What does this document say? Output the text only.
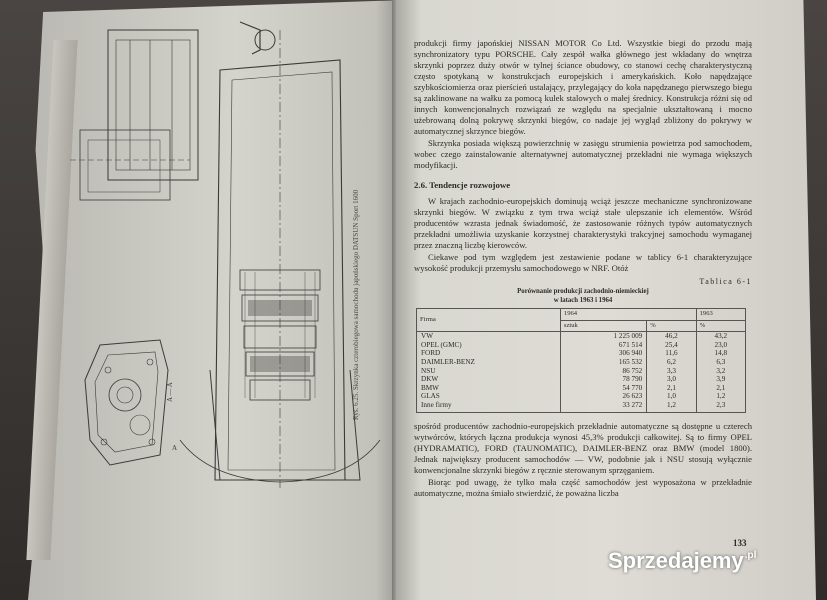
A — A
A
Rys. 6.25. Skrzynka czterobiegowa samochodu japońskiego DATSUN Sport 1600

produkcji firmy japońskiej NISSAN MOTOR Co Ltd. Wszystkie biegi do przodu mają synchronizatory typu PORSCHE. Cały zespół wałka głównego jest wkładany do wnętrza skrzynki poprzez duży otwór w tylnej ściance obudowy, co stanowi cechę charakterystyczną często spotykaną w konstrukcjach europejskich i amerykańskich. Koło napędzające szybkościomierza oraz pierścień ustalający, przylegający do koła napędzanego pierwszego biegu są zaklinowane na wałku za pomocą kulek stalowych o małej średnicy. Konstrukcja różni się od innych konwencjonalnych rozwiązań ze względu na specjalnie ukształtowaną i mocno użebrowaną dolną pokrywę skrzynki biegów, co nadaje jej wygląd zbliżony do pokrywy w automatycznej skrzynce biegów.

Skrzynka posiada większą powierzchnię w zasięgu strumienia powietrza pod samochodem, wobec czego zainstalowanie alternatywnej automatycznej przekładni nie wymaga większych modyfikacji.

2.6. Tendencje rozwojowe

W krajach zachodnio-europejskich dominują wciąż jeszcze mechaniczne synchronizowane skrzynki biegów. W związku z tym trwa wciąż stałe ulepszanie ich elementów. Wśród producentów wzrasta jednak świadomość, że zastosowanie różnych typów automatycznych przekładni umożliwia uzyskanie korzystnej charakterystyki trakcyjnej samochodu wymaganej przez znaczną liczbę kierowców.

Ciekawe pod tym względem jest zestawienie podane w tablicy 6-1 charakteryzujące wysokość produkcji przemysłu samochodowego w NRF. Otóż

Tablica 6-1

Porównanie produkcji zachodnio-niemieckiej
w latach 1963 i 1964

Firma	1964		1963
	sztuk	%	%
VW	1 225 009	46,2	43,2
OPEL (GMC)	671 514	25,4	23,0
FORD	306 940	11,6	14,8
DAIMLER-BENZ	165 532	6,2	6,3
NSU	86 752	3,3	3,2
DKW	78 790	3,0	3,9
BMW	54 770	2,1	2,1
GLAS	26 623	1,0	1,2
Inne firmy	33 272	1,2	2,3

spośród producentów zachodnio-europejskich przekładnie automatyczne są dostępne u czterech wytwórców, których łączna produkcja wynosi 45,3% produkcji całkowitej. Są to firmy OPEL (HYDRAMATIC), FORD (TAUNOMATIC), DAIMLER-BENZ oraz BMW (model 1800). Jednak największy producent samochodów — VW, podobnie jak i NSU stosują wyłącznie konwencjonalne skrzynki biegów z ręcznie sterowanym sprzęganiem.

Biorąc pod uwagę, że tylko mała część samochodów jest wyposażona w przekładnie automatyczne, można śmiało stwierdzić, że poważna liczba

133
Sprzedajemy .pl
